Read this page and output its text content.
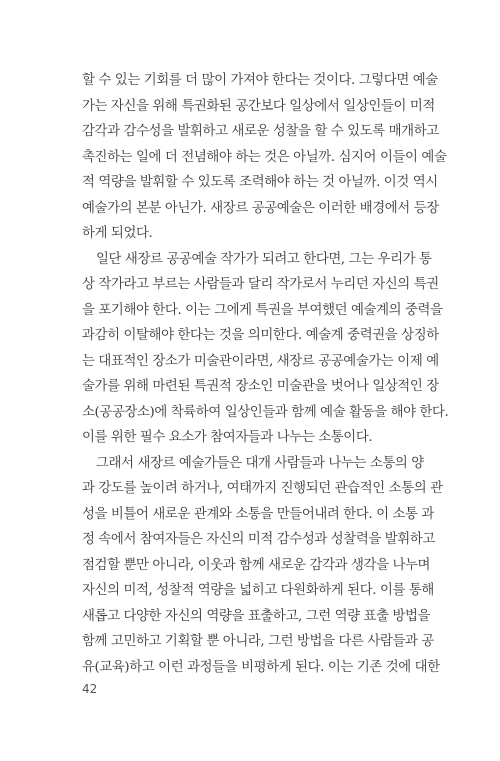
할 수 있는 기회를 더 많이 가져야 한다는 것이다. 그렇다면 예술
가는 자신을 위해 특권화된 공간보다 일상에서 일상인들이 미적
감각과 감수성을 발휘하고 새로운 성찰을 할 수 있도록 매개하고
촉진하는 일에 더 전념해야 하는 것은 아닐까. 심지어 이들이 예술
적 역량을 발휘할 수 있도록 조력해야 하는 것 아닐까. 이것 역시
예술가의 본분 아닌가. 새장르 공공예술은 이러한 배경에서 등장
하게 되었다.
일단 새장르 공공예술 작가가 되려고 한다면, 그는 우리가 통
상 작가라고 부르는 사람들과 달리 작가로서 누리던 자신의 특권
을 포기해야 한다. 이는 그에게 특권을 부여했던 예술계의 중력을
과감히 이탈해야 한다는 것을 의미한다. 예술계 중력권을 상징하
는 대표적인 장소가 미술관이라면, 새장르 공공예술가는 이제 예
술가를 위해 마련된 특권적 장소인 미술관을 벗어나 일상적인 장
소(공공장소)에 착륙하여 일상인들과 함께 예술 활동을 해야 한다.
이를 위한 필수 요소가 참여자들과 나누는 소통이다.
그래서 새장르 예술가들은 대개 사람들과 나누는 소통의 양
과 강도를 높이려 하거나, 여태까지 진행되던 관습적인 소통의 관
성을 비틀어 새로운 관계와 소통을 만들어내려 한다. 이 소통 과
정 속에서 참여자들은 자신의 미적 감수성과 성찰력을 발휘하고
점검할 뿐만 아니라, 이웃과 함께 새로운 감각과 생각을 나누며
자신의 미적, 성찰적 역량을 넓히고 다원화하게 된다. 이를 통해
새롭고 다양한 자신의 역량을 표출하고, 그런 역량 표출 방법을
함께 고민하고 기획할 뿐 아니라, 그런 방법을 다른 사람들과 공
유(교육)하고 이런 과정들을 비평하게 된다. 이는 기존 것에 대한
42
